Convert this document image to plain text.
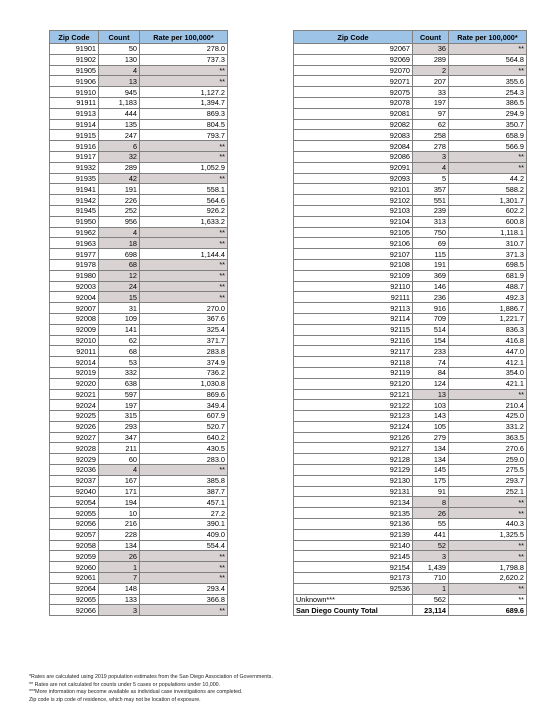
Zip Code	Count	Rate per 100,000*
91901	50	278.0
91902	130	737.3
91905	4	**
91906	13	**
91910	945	1,127.2
91911	1,183	1,394.7
91913	444	869.3
91914	135	804.5
91915	247	793.7
91916	6	**
91917	32	**
91932	289	1,052.9
91935	42	**
91941	191	558.1
91942	226	564.6
91945	252	926.2
91950	956	1,633.2
91962	4	**
91963	18	**
91977	698	1,144.4
91978	68	**
91980	12	**
92003	24	**
92004	15	**
92007	31	270.0
92008	109	367.6
92009	141	325.4
92010	62	371.7
92011	68	283.8
92014	53	374.9
92019	332	736.2
92020	638	1,030.8
92021	597	869.6
92024	197	349.4
92025	315	607.9
92026	293	520.7
92027	347	640.2
92028	211	430.5
92029	60	283.0
92036	4	**
92037	167	385.8
92040	171	387.7
92054	194	457.1
92055	10	27.2
92056	216	390.1
92057	228	409.0
92058	134	554.4
92059	26	**
92060	1	**
92061	7	**
92064	148	293.4
92065	133	366.8
92066	3	**
Zip Code	Count	Rate per 100,000*
92067	36	**
92069	289	564.8
92070	2	**
92071	207	355.6
92075	33	254.3
92078	197	386.5
92081	97	294.9
92082	62	350.7
92083	258	658.9
92084	278	566.9
92086	3	**
92091	4	**
92093	5	44.2
92101	357	588.2
92102	551	1,301.7
92103	239	602.2
92104	313	600.8
92105	750	1,118.1
92106	69	310.7
92107	115	371.3
92108	191	698.5
92109	369	681.9
92110	146	488.7
92111	236	492.3
92113	916	1,886.7
92114	709	1,221.7
92115	514	836.3
92116	154	416.8
92117	233	447.0
92118	74	412.1
92119	84	354.0
92120	124	421.1
92121	13	**
92122	103	210.4
92123	143	425.0
92124	105	331.2
92126	279	363.5
92127	134	270.6
92128	134	259.0
92129	145	275.5
92130	175	293.7
92131	91	252.1
92134	8	**
92135	26	**
92136	55	440.3
92139	441	1,325.5
92140	52	**
92145	3	**
92154	1,439	1,798.8
92173	710	2,620.2
92536	1	**
Unknown***	562	**
San Diego County Total	23,114	689.6
*Rates are calculated using 2019 population estimates from the San Diego Association of Governments.
** Rates are not calculated for counts under 5 cases or populations under 10,000.
***More information may become available as individual case investigations are completed.
Zip code is zip code of residence, which may not be location of exposure.
